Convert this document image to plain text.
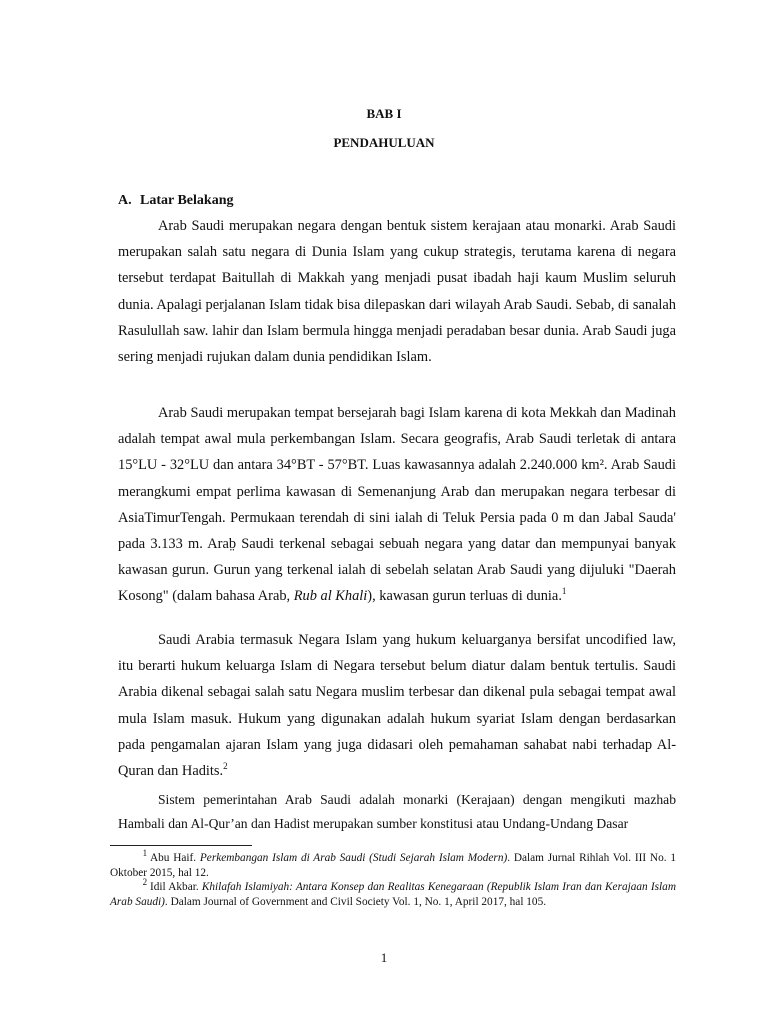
BAB I
PENDAHULUAN
A. Latar Belakang

Arab Saudi merupakan negara dengan bentuk sistem kerajaan atau monarki. Arab Saudi merupakan salah satu negara di Dunia Islam yang cukup strategis, terutama karena di negara tersebut terdapat Baitullah di Makkah yang menjadi pusat ibadah haji kaum Muslim seluruh dunia. Apalagi perjalanan Islam tidak bisa dilepaskan dari wilayah Arab Saudi. Sebab, di sanalah Rasulullah saw. lahir dan Islam bermula hingga menjadi peradaban besar dunia. Arab Saudi juga sering menjadi rujukan dalam dunia pendidikan Islam.

Arab Saudi merupakan tempat bersejarah bagi Islam karena di kota Mekkah dan Madinah adalah tempat awal mula perkembangan Islam. Secara geografis, Arab Saudi terletak di antara 15°LU - 32°LU dan antara 34°BT - 57°BT. Luas kawasannya adalah 2.240.000 km². Arab Saudi merangkumi empat perlima kawasan di Semenanjung Arab dan merupakan negara terbesar di AsiaTimurTengah. Permukaan terendah di sini ialah di Teluk Persia pada 0 m dan Jabal Sauda' pada 3.133 m. Arab̤ Saudi terkenal sebagai sebuah negara yang datar dan mempunyai banyak kawasan gurun. Gurun yang terkenal ialah di sebelah selatan Arab Saudi yang dijuluki "Daerah Kosong" (dalam bahasa Arab, Rub al Khali), kawasan gurun terluas di dunia.$^1$

Saudi Arabia termasuk Negara Islam yang hukum keluarganya bersifat uncodified law, itu berarti hukum keluarga Islam di Negara tersebut belum diatur dalam bentuk tertulis. Saudi Arabia dikenal sebagai salah satu Negara muslim terbesar dan dikenal pula sebagai tempat awal mula Islam masuk. Hukum yang digunakan adalah hukum syariat Islam dengan berdasarkan pada pengamalan ajaran Islam yang juga didasari oleh pemahaman sahabat nabi terhadap Al-Quran dan Hadits.$^2$

Sistem pemerintahan Arab Saudi adalah monarki (Kerajaan) dengan mengikuti mazhab Hambali dan Al-Qur’an dan Hadist merupakan sumber konstitusi atau Undang-Undang Dasar

$^1$ Abu Haif. Perkembangan Islam di Arab Saudi (Studi Sejarah Islam Modern). Dalam Jurnal Rihlah Vol. III No. 1 Oktober 2015, hal 12.

$^2$ Idil Akbar. Khilafah Islamiyah: Antara Konsep dan Realitas Kenegaraan (Republik Islam Iran dan Kerajaan Islam Arab Saudi). Dalam Journal of Government and Civil Society Vol. 1, No. 1, April 2017, hal 105.

1
